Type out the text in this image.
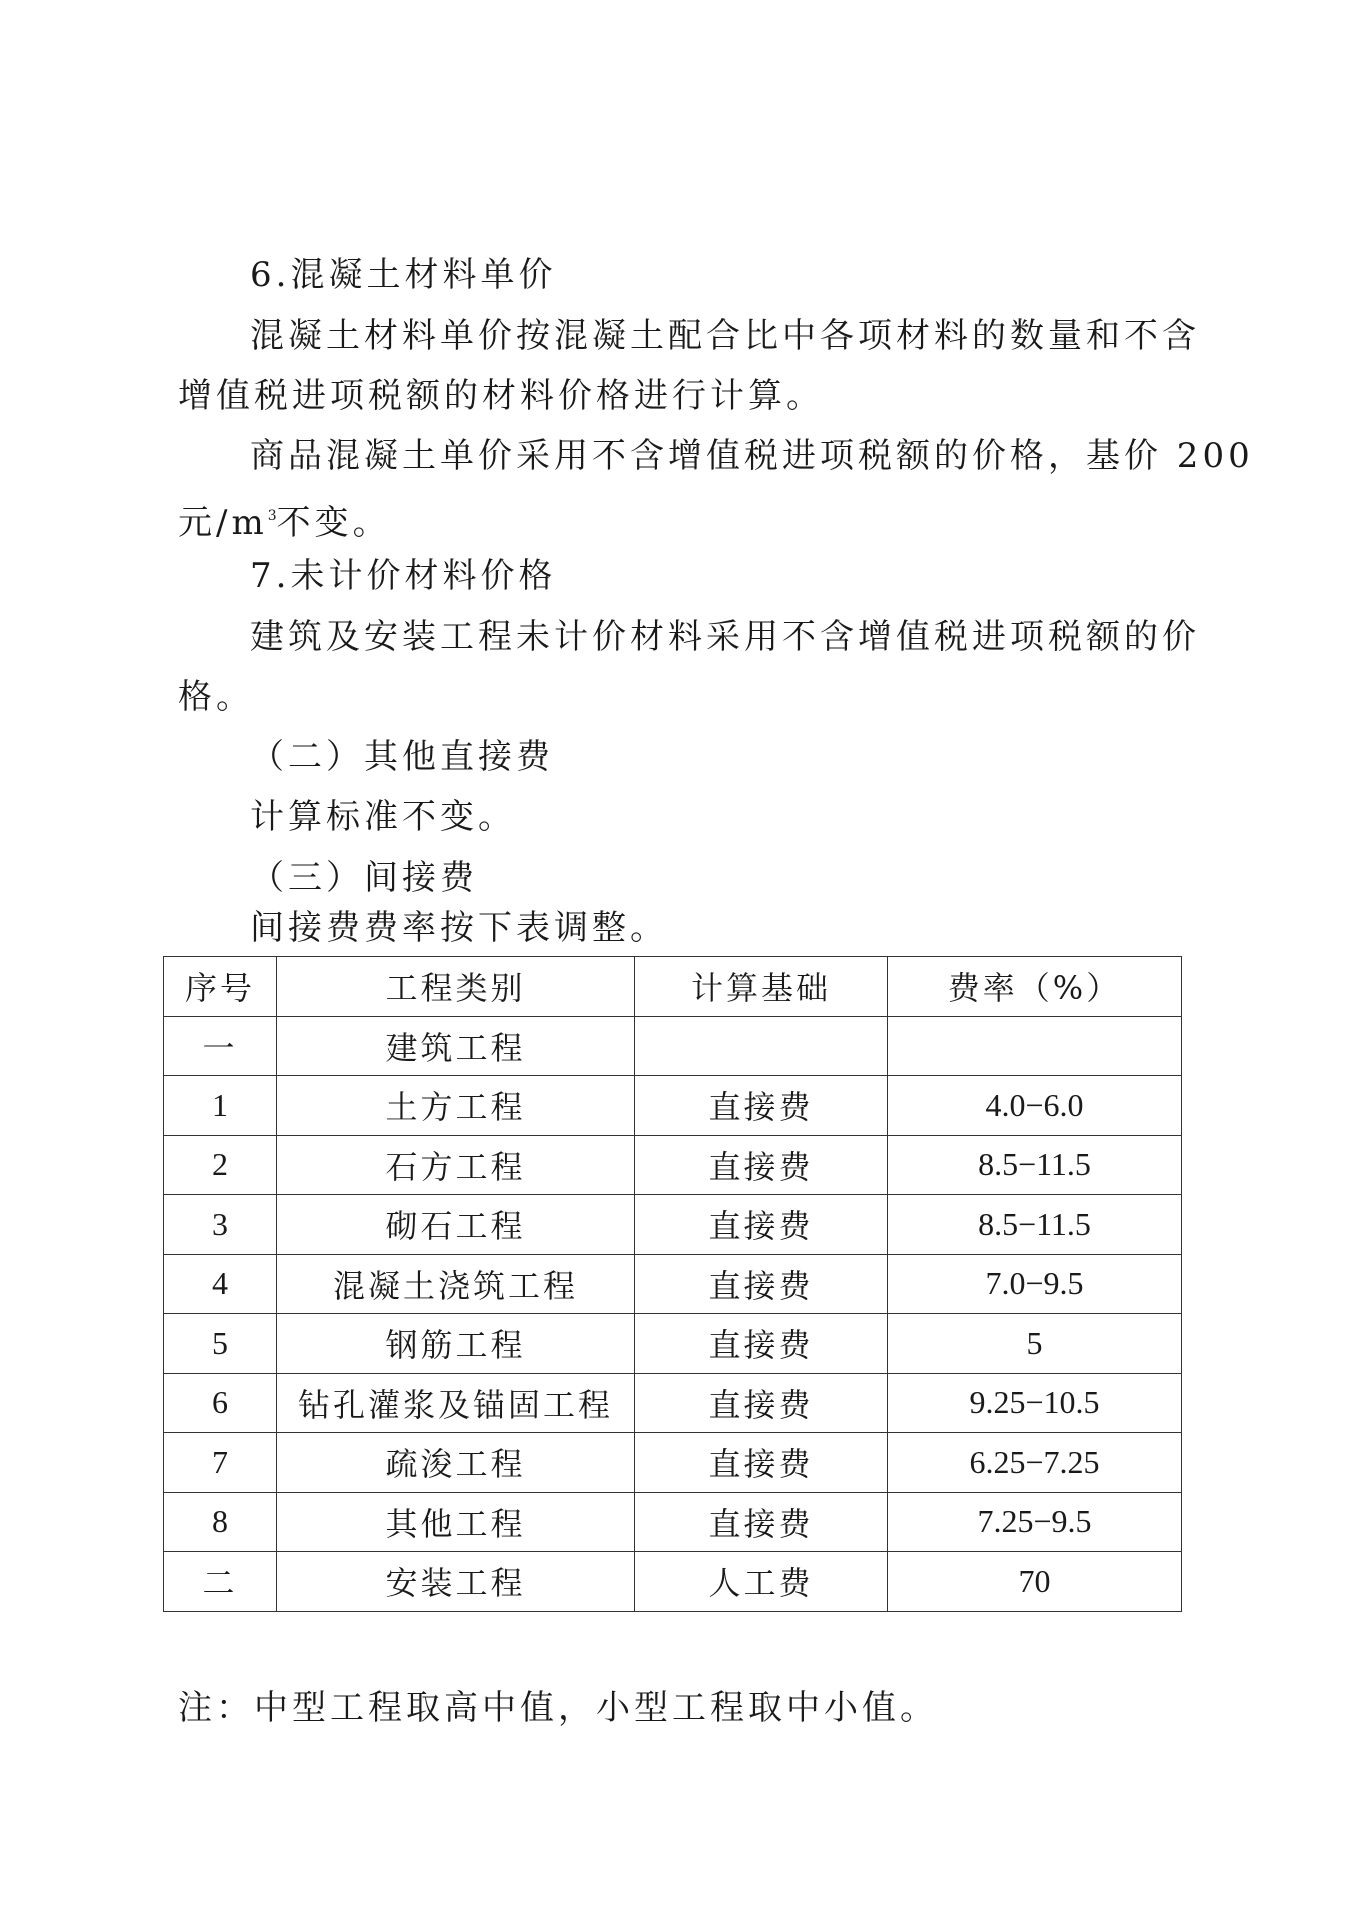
6.混凝土材料单价

混凝土材料单价按混凝土配合比中各项材料的数量和不含

增值税进项税额的材料价格进行计算。

商品混凝土单价采用不含增值税进项税额的价格，基价 200

元$/m^3$不变。

7.未计价材料价格

建筑及安装工程未计价材料采用不含增值税进项税额的价

格。

（二）其他直接费

计算标准不变。

（三）间接费

间接费费率按下表调整。

序号	工程类别	计算基础	费率（%）
一	建筑工程		
1	土方工程	直接费	4.0−6.0
2	石方工程	直接费	8.5−11.5
3	砌石工程	直接费	8.5−11.5
4	混凝土浇筑工程	直接费	7.0−9.5
5	钢筋工程	直接费	5
6	钻孔灌浆及锚固工程	直接费	9.25−10.5
7	疏浚工程	直接费	6.25−7.25
8	其他工程	直接费	7.25−9.5
二	安装工程	人工费	70

注：中型工程取高中值，小型工程取中小值。
